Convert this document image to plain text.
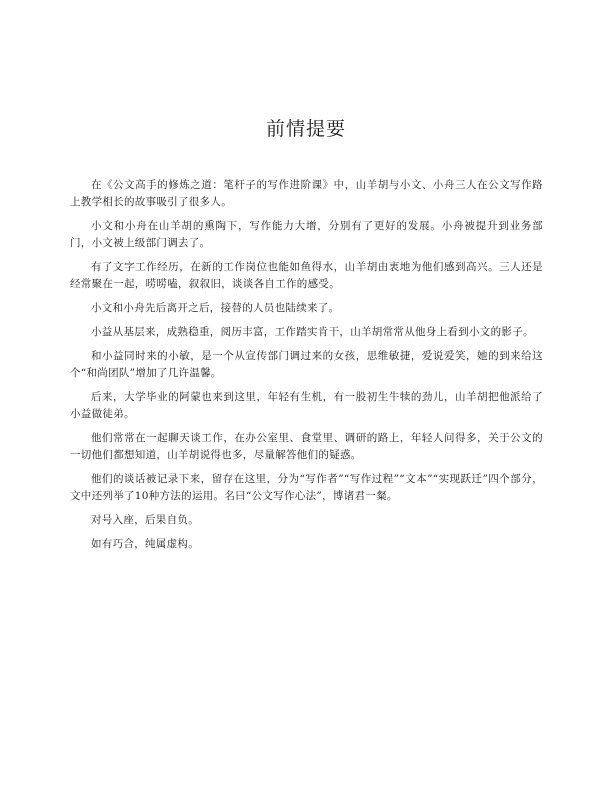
前情提要

在《公文高手的修炼之道：笔杆子的写作进阶课》中，山羊胡与小文、小舟三人在公文写作路上教学相长的故事吸引了很多人。

小文和小舟在山羊胡的熏陶下，写作能力大增，分别有了更好的发展。小舟被提升到业务部门，小文被上级部门调去了。

有了文字工作经历，在新的工作岗位也能如鱼得水，山羊胡由衷地为他们感到高兴。三人还是经常聚在一起，唠唠嗑，叙叙旧，谈谈各自工作的感受。

小文和小舟先后离开之后，接替的人员也陆续来了。

小益从基层来，成熟稳重，阅历丰富，工作踏实肯干，山羊胡常常从他身上看到小文的影子。

和小益同时来的小敏，是一个从宣传部门调过来的女孩，思维敏捷，爱说爱笑，她的到来给这个“和尚团队”增加了几许温馨。

后来，大学毕业的阿蒙也来到这里，年轻有生机，有一股初生牛犊的劲儿，山羊胡把他派给了小益做徒弟。

他们常常在一起聊天谈工作，在办公室里、食堂里、调研的路上，年轻人问得多，关于公文的一切他们都想知道，山羊胡说得也多，尽量解答他们的疑惑。

他们的谈话被记录下来，留存在这里，分为“写作者”“写作过程”“文本”“实现跃迁”四个部分，文中还列举了10种方法的运用。名曰“公文写作心法”，博诸君一粲。

对号入座，后果自负。

如有巧合，纯属虚构。
